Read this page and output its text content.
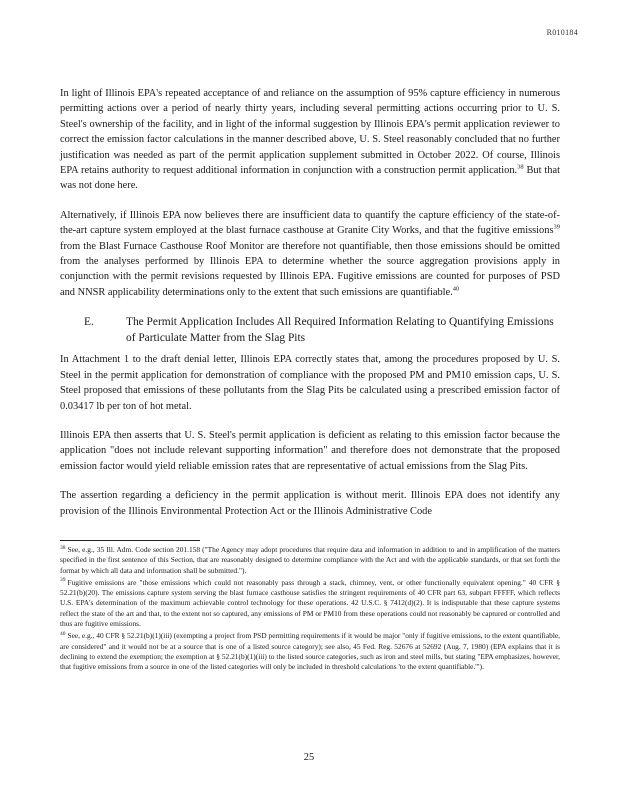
R010184

In light of Illinois EPA's repeated acceptance of and reliance on the assumption of 95% capture efficiency in numerous permitting actions over a period of nearly thirty years, including several permitting actions occurring prior to U. S. Steel's ownership of the facility, and in light of the informal suggestion by Illinois EPA's permit application reviewer to correct the emission factor calculations in the manner described above, U. S. Steel reasonably concluded that no further justification was needed as part of the permit application supplement submitted in October 2022. Of course, Illinois EPA retains authority to request additional information in conjunction with a construction permit application.$^{38}$ But that was not done here.

Alternatively, if Illinois EPA now believes there are insufficient data to quantify the capture efficiency of the state-of-the-art capture system employed at the blast furnace casthouse at Granite City Works, and that the fugitive emissions$^{39}$ from the Blast Furnace Casthouse Roof Monitor are therefore not quantifiable, then those emissions should be omitted from the analyses performed by Illinois EPA to determine whether the source aggregation provisions apply in conjunction with the permit revisions requested by Illinois EPA. Fugitive emissions are counted for purposes of PSD and NNSR applicability determinations only to the extent that such emissions are quantifiable.$^{40}$

E.	The Permit Application Includes All Required Information Relating to Quantifying Emissions of Particulate Matter from the Slag Pits

In Attachment 1 to the draft denial letter, Illinois EPA correctly states that, among the procedures proposed by U. S. Steel in the permit application for demonstration of compliance with the proposed PM and PM10 emission caps, U. S. Steel proposed that emissions of these pollutants from the Slag Pits be calculated using a prescribed emission factor of 0.03417 lb per ton of hot metal.

Illinois EPA then asserts that U. S. Steel's permit application is deficient as relating to this emission factor because the application "does not include relevant supporting information" and therefore does not demonstrate that the proposed emission factor would yield reliable emission rates that are representative of actual emissions from the Slag Pits.

The assertion regarding a deficiency in the permit application is without merit. Illinois EPA does not identify any provision of the Illinois Environmental Protection Act or the Illinois Administrative Code

$^{38}$ See, e.g., 35 Ill. Adm. Code section 201.158 ("The Agency may adopt procedures that require data and information in addition to and in amplification of the matters specified in the first sentence of this Section, that are reasonably designed to determine compliance with the Act and with the applicable standards, or that set forth the format by which all data and information shall be submitted.").

$^{39}$ Fugitive emissions are "those emissions which could not reasonably pass through a stack, chimney, vent, or other functionally equivalent opening." 40 CFR § 52.21(b)(20). The emissions capture system serving the blast furnace casthouse satisfies the stringent requirements of 40 CFR part 63, subpart FFFFF, which reflects U.S. EPA's determination of the maximum achievable control technology for these operations. 42 U.S.C. § 7412(d)(2). It is indisputable that these capture systems reflect the state of the art and that, to the extent not so captured, any emissions of PM or PM10 from these operations could not reasonably be captured or controlled and thus are fugitive emissions.

$^{40}$ See, e.g., 40 CFR § 52.21(b)(1)(iii) (exempting a project from PSD permitting requirements if it would be major "only if fugitive emissions, to the extent quantifiable, are considered" and it would not be at a source that is one of a listed source category); see also, 45 Fed. Reg. 52676 at 52692 (Aug. 7, 1980) (EPA explains that it is declining to extend the exemption; the exemption at § 52.21(b)(1)(iii) to the listed source categories, such as iron and steel mills, but stating "EPA emphasizes, however, that fugitive emissions from a source in one of the listed categories will only be included in threshold calculations 'to the extent quantifiable.'").

25
